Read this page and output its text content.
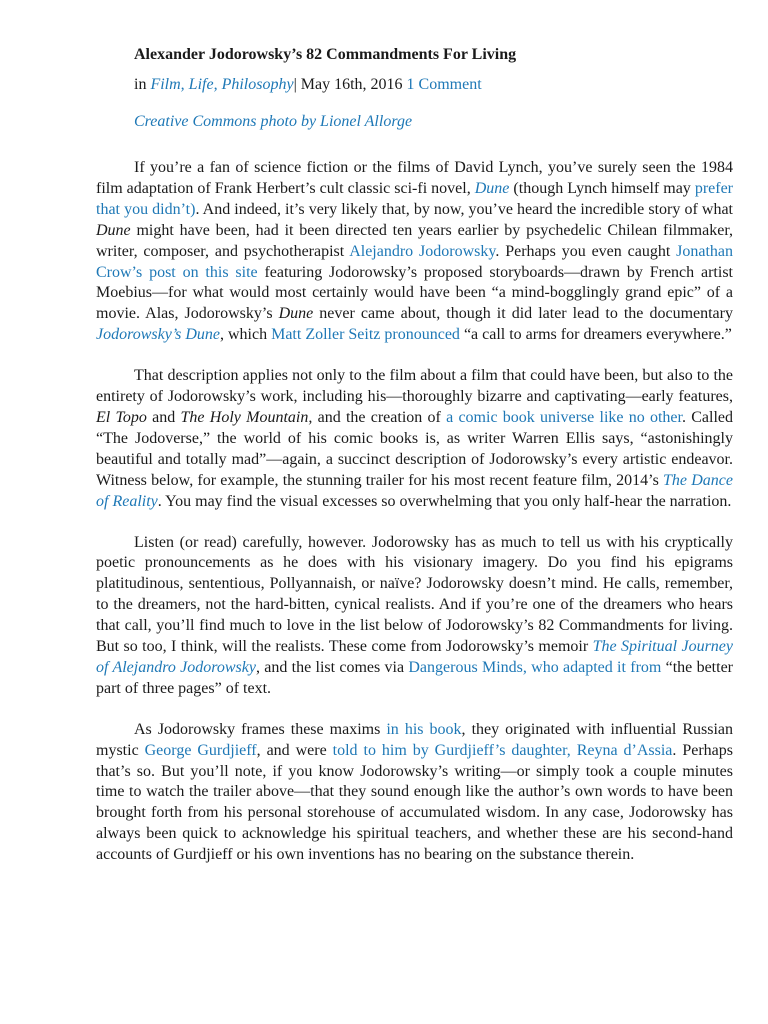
Alexander Jodorowsky’s 82 Commandments For Living
in Film, Life, Philosophy| May 16th, 2016 1 Comment
Creative Commons photo by Lionel Allorge

If you’re a fan of science fiction or the films of David Lynch, you’ve surely seen the 1984 film adaptation of Frank Herbert’s cult classic sci-fi novel, Dune (though Lynch himself may prefer that you didn’t). And indeed, it’s very likely that, by now, you’ve heard the incredible story of what Dune might have been, had it been directed ten years earlier by psychedelic Chilean filmmaker, writer, composer, and psychotherapist Alejandro Jodorowsky. Perhaps you even caught Jonathan Crow’s post on this site featuring Jodorowsky’s proposed storyboards—drawn by French artist Moebius—for what would most certainly would have been “a mind-bogglingly grand epic” of a movie. Alas, Jodorowsky’s Dune never came about, though it did later lead to the documentary Jodorowsky’s Dune, which Matt Zoller Seitz pronounced “a call to arms for dreamers everywhere.”

That description applies not only to the film about a film that could have been, but also to the entirety of Jodorowsky’s work, including his—thoroughly bizarre and captivating—early features, El Topo and The Holy Mountain, and the creation of a comic book universe like no other. Called “The Jodoverse,” the world of his comic books is, as writer Warren Ellis says, “astonishingly beautiful and totally mad”—again, a succinct description of Jodorowsky’s every artistic endeavor. Witness below, for example, the stunning trailer for his most recent feature film, 2014’s The Dance of Reality. You may find the visual excesses so overwhelming that you only half-hear the narration.

Listen (or read) carefully, however. Jodorowsky has as much to tell us with his cryptically poetic pronouncements as he does with his visionary imagery. Do you find his epigrams platitudinous, sententious, Pollyannaish, or naïve? Jodorowsky doesn’t mind. He calls, remember, to the dreamers, not the hard-bitten, cynical realists. And if you’re one of the dreamers who hears that call, you’ll find much to love in the list below of Jodorowsky’s 82 Commandments for living. But so too, I think, will the realists. These come from Jodorowsky’s memoir The Spiritual Journey of Alejandro Jodorowsky, and the list comes via Dangerous Minds, who adapted it from “the better part of three pages” of text.

As Jodorowsky frames these maxims in his book, they originated with influential Russian mystic George Gurdjieff, and were told to him by Gurdjieff’s daughter, Reyna d’Assia. Perhaps that’s so. But you’ll note, if you know Jodorowsky’s writing—or simply took a couple minutes time to watch the trailer above—that they sound enough like the author’s own words to have been brought forth from his personal storehouse of accumulated wisdom. In any case, Jodorowsky has always been quick to acknowledge his spiritual teachers, and whether these are his second-hand accounts of Gurdjieff or his own inventions has no bearing on the substance therein.
